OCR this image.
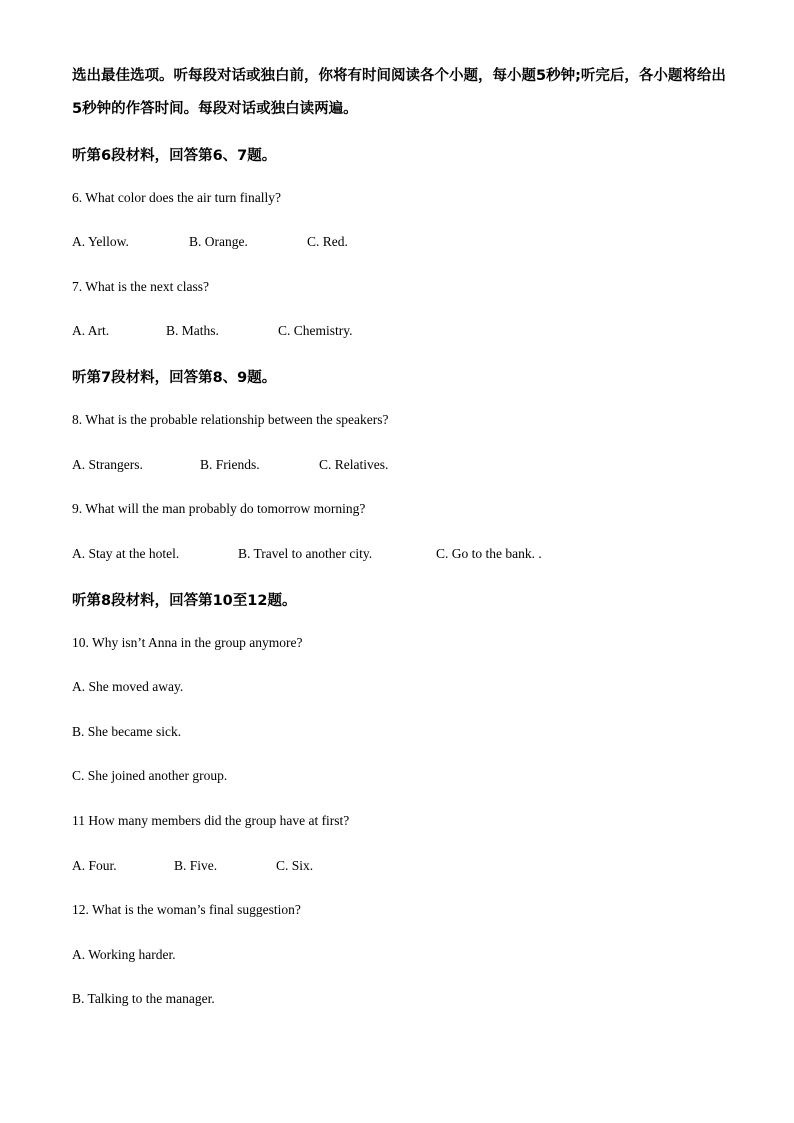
选出最佳选项。听每段对话或独白前，你将有时间阅读各个小题，每小题5秒钟;听完后，各小题将给出5秒钟的作答时间。每段对话或独白读两遍。
听第6段材料，回答第6、7题。
6. What color does the air turn finally?
A. Yellow.	B. Orange.	C. Red.
7. What is the next class?
A. Art.	B. Maths.	C. Chemistry.
听第7段材料，回答第8、9题。
8. What is the probable relationship between the speakers?
A. Strangers.	B. Friends.	C. Relatives.
9. What will the man probably do tomorrow morning?
A. Stay at the hotel.	B. Travel to another city.	C. Go to the bank. .
听第8段材料，回答第10至12题。
10. Why isn’t Anna in the group anymore?
A. She moved away.
B. She became sick.
C. She joined another group.
11 How many members did the group have at first?
A. Four.	B. Five.	C. Six.
12. What is the woman’s final suggestion?
A. Working harder.
B. Talking to the manager.
